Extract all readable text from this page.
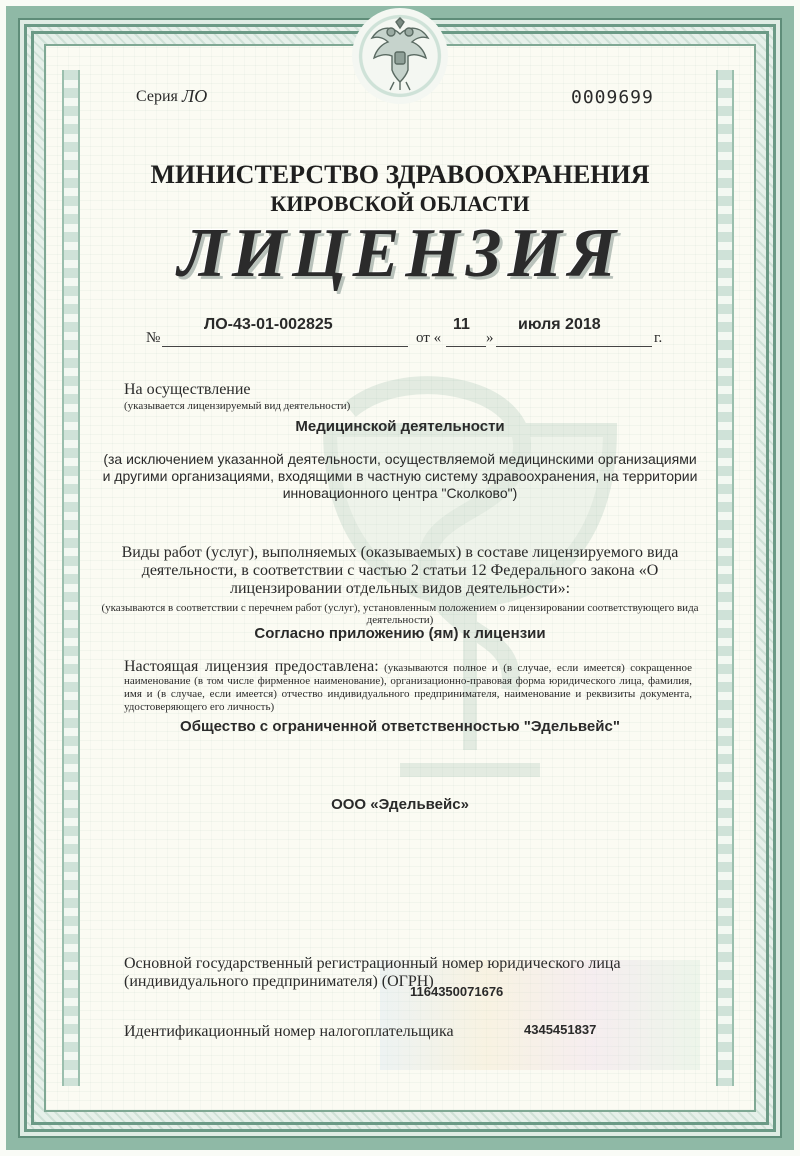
Серия ЛО	0009699
МИНИСТЕРСТВО ЗДРАВООХРАНЕНИЯ
КИРОВСКОЙ ОБЛАСТИ
ЛИЦЕНЗИЯ
№
ЛО-43-01-002825
от «
11
»
июля 2018
г.
На осуществление
(указывается лицензируемый вид деятельности)
Медицинской деятельности
(за исключением указанной деятельности, осуществляемой медицинскими организациями и другими организациями, входящими в частную систему здравоохранения, на территории инновационного центра "Сколково")
Виды работ (услуг), выполняемых (оказываемых) в составе лицензируемого вида деятельности, в соответствии с частью 2 статьи 12 Федерального закона «О лицензировании отдельных видов деятельности»:
(указываются в соответствии с перечнем работ (услуг), установленным положением о лицензировании соответствующего вида деятельности)
Согласно приложению (ям) к лицензии
Настоящая лицензия предоставлена: (указываются полное и (в случае, если имеется) сокращенное наименование (в том числе фирменное наименование), организационно-правовая форма юридического лица, фамилия, имя и (в случае, если имеется) отчество индивидуального предпринимателя, наименование и реквизиты документа, удостоверяющего его личность)
Общество с ограниченной ответственностью "Эдельвейс"
ООО «Эдельвейс»
Основной государственный регистрационный номер юридического лица (индивидуального предпринимателя) (ОГРН)
1164350071676
Идентификационный номер налогоплательщика	4345451837
